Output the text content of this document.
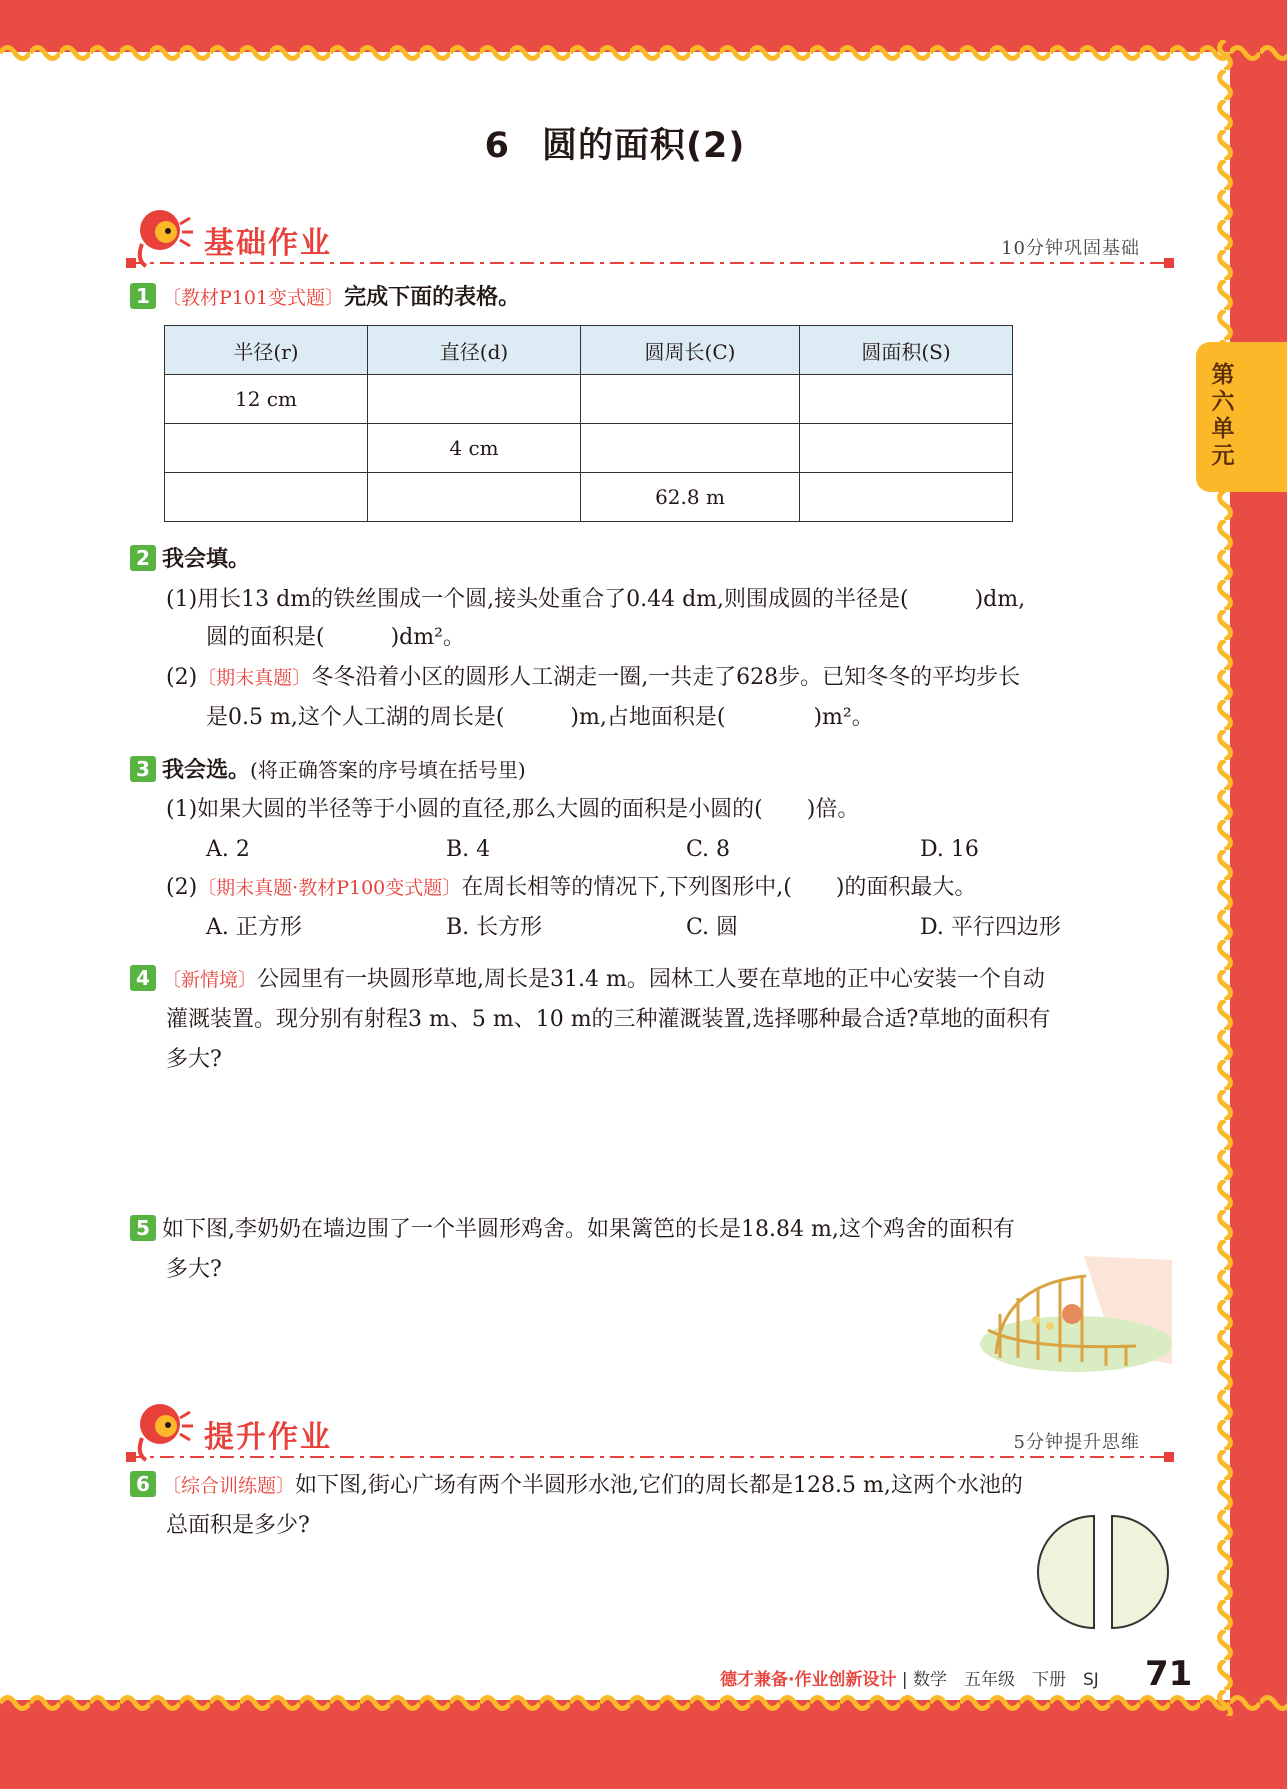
第六单元
6 圆的面积(2)
基础作业	10分钟巩固基础
1 〔教材P101变式题〕完成下面的表格。
半径(r)	直径(d)	圆周长(C)	圆面积(S)
12 cm			
	4 cm		
		62.8 m	
2 我会填。
(1)用长13 dm的铁丝围成一个圆,接头处重合了0.44 dm,则围成圆的半径是(　　　)dm,
圆的面积是(　　　)dm²。
(2)〔期末真题〕冬冬沿着小区的圆形人工湖走一圈,一共走了628步。已知冬冬的平均步长
是0.5 m,这个人工湖的周长是(　　　)m,占地面积是(　　　　)m²。
3 我会选。(将正确答案的序号填在括号里)
(1)如果大圆的半径等于小圆的直径,那么大圆的面积是小圆的(　　)倍。
A. 2	B. 4	C. 8	D. 16
(2)〔期末真题·教材P100变式题〕在周长相等的情况下,下列图形中,(　　)的面积最大。
A. 正方形	B. 长方形	C. 圆	D. 平行四边形
4 〔新情境〕公园里有一块圆形草地,周长是31.4 m。园林工人要在草地的正中心安装一个自动
灌溉装置。现分别有射程3 m、5 m、10 m的三种灌溉装置,选择哪种最合适?草地的面积有
多大?
5 如下图,李奶奶在墙边围了一个半圆形鸡舍。如果篱笆的长是18.84 m,这个鸡舍的面积有
多大?
提升作业	5分钟提升思维
6 〔综合训练题〕如下图,街心广场有两个半圆形水池,它们的周长都是128.5 m,这两个水池的
总面积是多少?
德才兼备·作业创新设计 | 数学　五年级　下册　SJ 71
